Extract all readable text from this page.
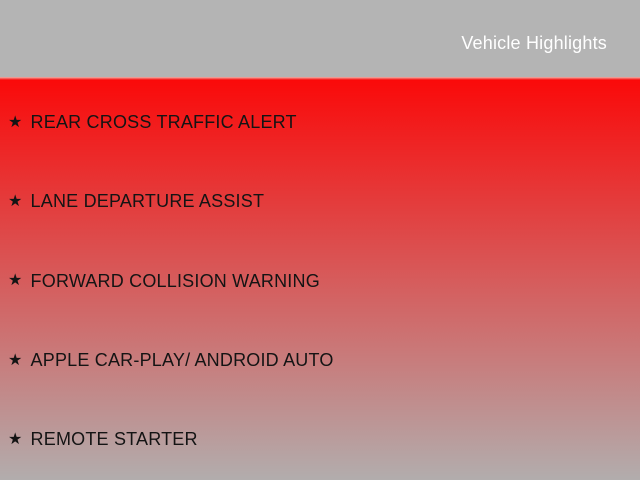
Vehicle Highlights
★ REAR CROSS TRAFFIC ALERT
★ LANE DEPARTURE ASSIST
★ FORWARD COLLISION WARNING
★ APPLE CAR-PLAY/ ANDROID AUTO
★ REMOTE STARTER
